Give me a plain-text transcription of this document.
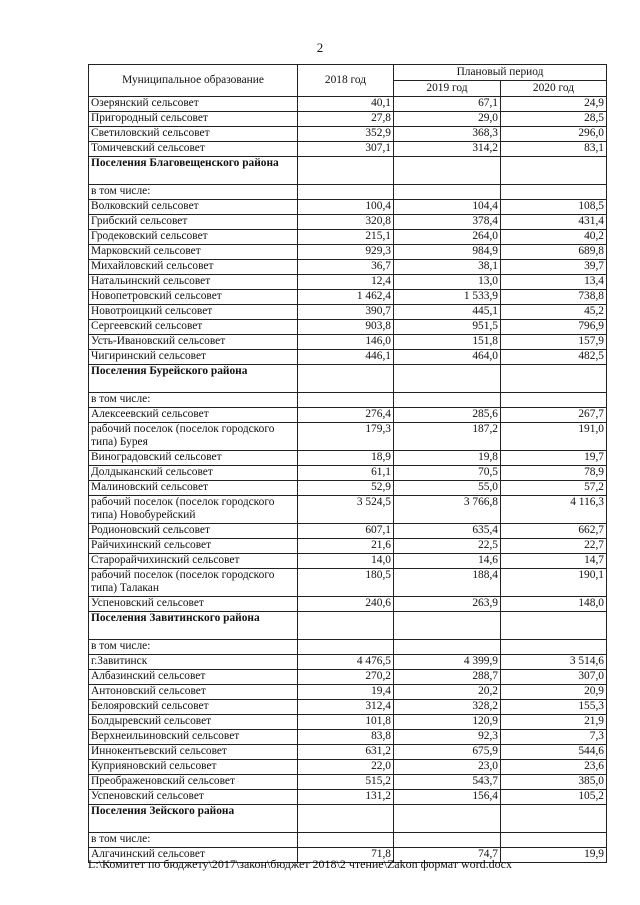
2
Муниципальное образование	2018 год	Плановый период	
		2019 год	2020 год
Озерянский сельсовет	40,1	67,1	24,9
Пригородный сельсовет	27,8	29,0	28,5
Светиловский сельсовет	352,9	368,3	296,0
Томичевский сельсовет	307,1	314,2	83,1
Поселения Благовещенского района			
в том числе:			
Волковский сельсовет	100,4	104,4	108,5
Грибский сельсовет	320,8	378,4	431,4
Гродековский сельсовет	215,1	264,0	40,2
Марковский сельсовет	929,3	984,9	689,8
Михайловский сельсовет	36,7	38,1	39,7
Натальинский сельсовет	12,4	13,0	13,4
Новопетровский сельсовет	1 462,4	1 533,9	738,8
Новотроицкий сельсовет	390,7	445,1	45,2
Сергеевский сельсовет	903,8	951,5	796,9
Усть-Ивановский сельсовет	146,0	151,8	157,9
Чигиринский сельсовет	446,1	464,0	482,5
Поселения Бурейского района			
в том числе:			
Алексеевский сельсовет	276,4	285,6	267,7
рабочий поселок (поселок городского типа) Бурея	179,3	187,2	191,0
Виноградовский сельсовет	18,9	19,8	19,7
Долдыканский сельсовет	61,1	70,5	78,9
Малиновский сельсовет	52,9	55,0	57,2
рабочий поселок (поселок городского типа) Новобурейский	3 524,5	3 766,8	4 116,3
Родионовский сельсовет	607,1	635,4	662,7
Райчихинский сельсовет	21,6	22,5	22,7
Старорайчихинский сельсовет	14,0	14,6	14,7
рабочий поселок (поселок городского типа) Талакан	180,5	188,4	190,1
Успеновский сельсовет	240,6	263,9	148,0
Поселения Завитинского района			
в том числе:			
г.Завитинск	4 476,5	4 399,9	3 514,6
Албазинский сельсовет	270,2	288,7	307,0
Антоновский сельсовет	19,4	20,2	20,9
Белояровский сельсовет	312,4	328,2	155,3
Болдыревский сельсовет	101,8	120,9	21,9
Верхнеильиновский сельсовет	83,8	92,3	7,3
Иннокентьевский сельсовет	631,2	675,9	544,6
Куприяновский сельсовет	22,0	23,0	23,6
Преображеновский сельсовет	515,2	543,7	385,0
Успеновский сельсовет	131,2	156,4	105,2
Поселения Зейского района			
в том числе:			
Алгачинский сельсовет	71,8	74,7	19,9
L:\Комитет по бюджету\2017\закон\бюджет 2018\2 чтение\Zakon формат word.docx
